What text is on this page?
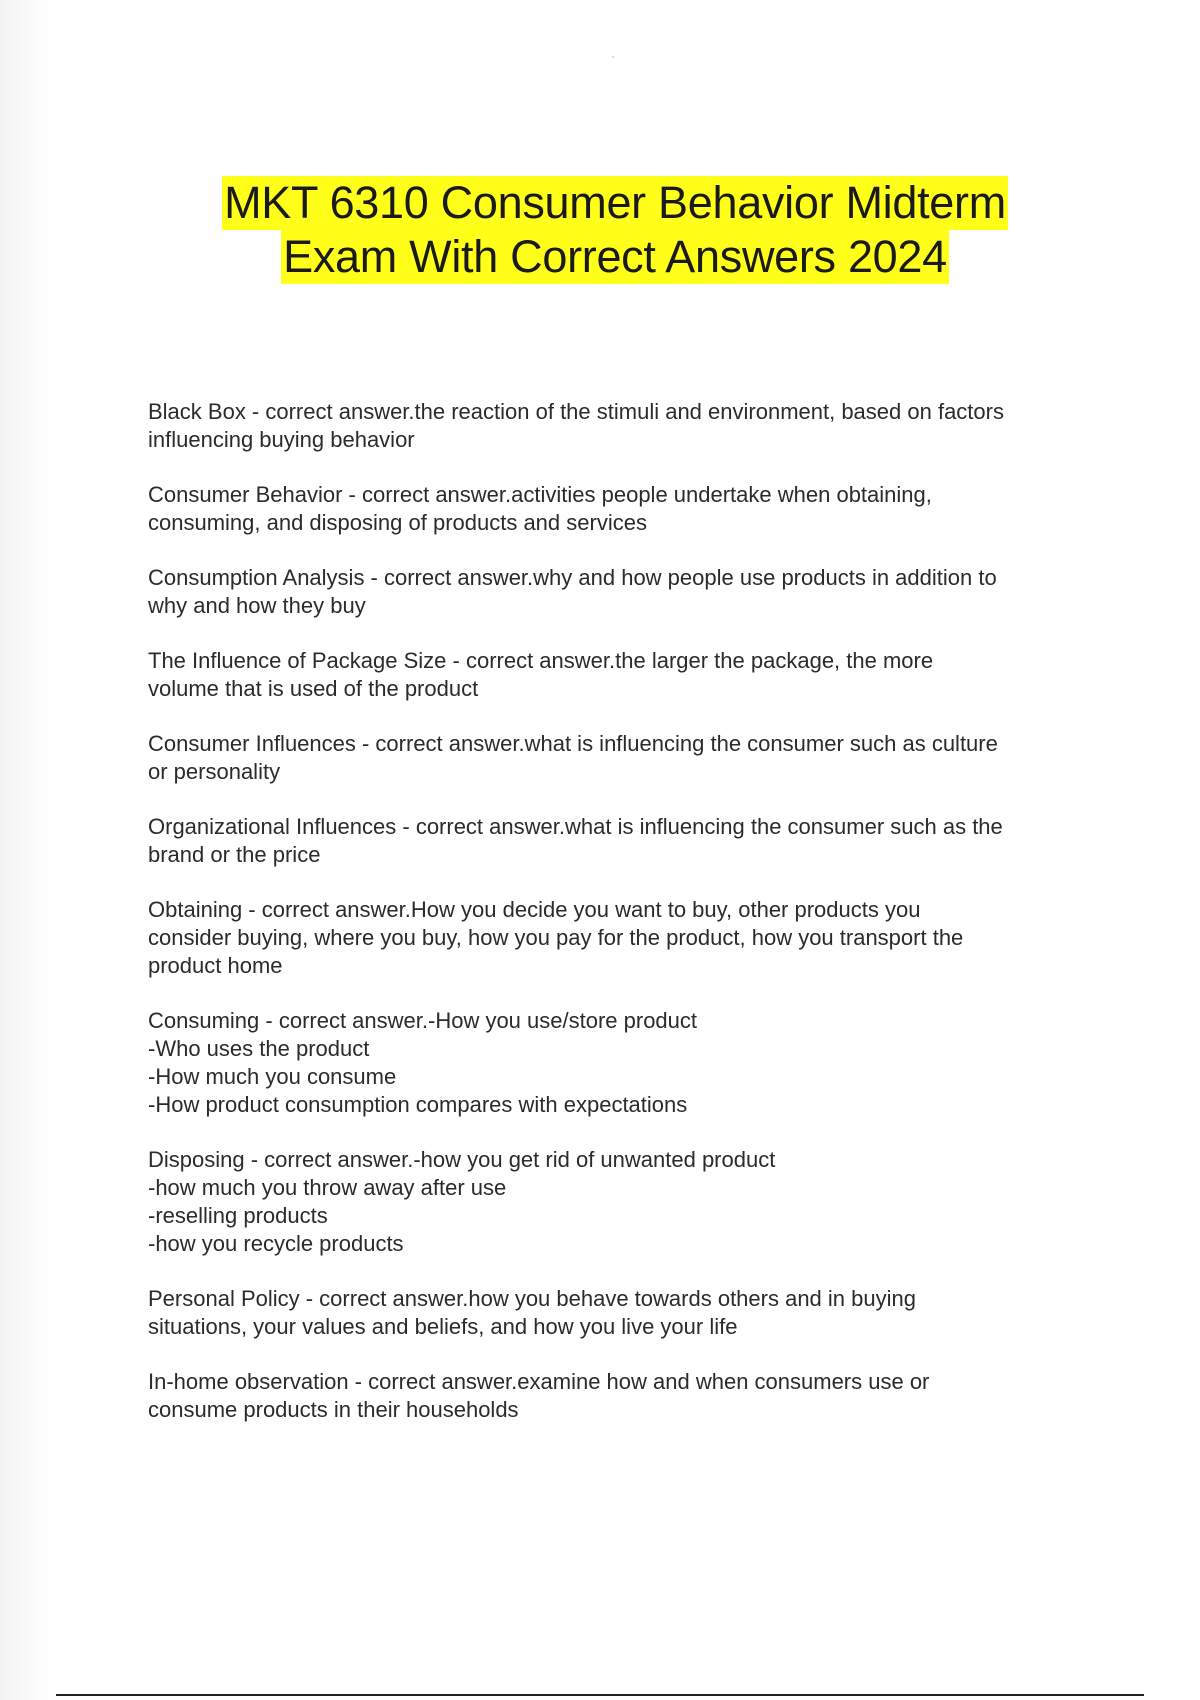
MKT 6310 Consumer Behavior Midterm
Exam With Correct Answers 2024

Black Box - correct answer.the reaction of the stimuli and environment, based on factors
influencing buying behavior

Consumer Behavior - correct answer.activities people undertake when obtaining,
consuming, and disposing of products and services

Consumption Analysis - correct answer.why and how people use products in addition to
why and how they buy

The Influence of Package Size - correct answer.the larger the package, the more
volume that is used of the product

Consumer Influences - correct answer.what is influencing the consumer such as culture
or personality

Organizational Influences - correct answer.what is influencing the consumer such as the
brand or the price

Obtaining - correct answer.How you decide you want to buy, other products you
consider buying, where you buy, how you pay for the product, how you transport the
product home

Consuming - correct answer.-How you use/store product
-Who uses the product
-How much you consume
-How product consumption compares with expectations

Disposing - correct answer.-how you get rid of unwanted product
-how much you throw away after use
-reselling products
-how you recycle products

Personal Policy - correct answer.how you behave towards others and in buying
situations, your values and beliefs, and how you live your life

In-home observation - correct answer.examine how and when consumers use or
consume products in their households
